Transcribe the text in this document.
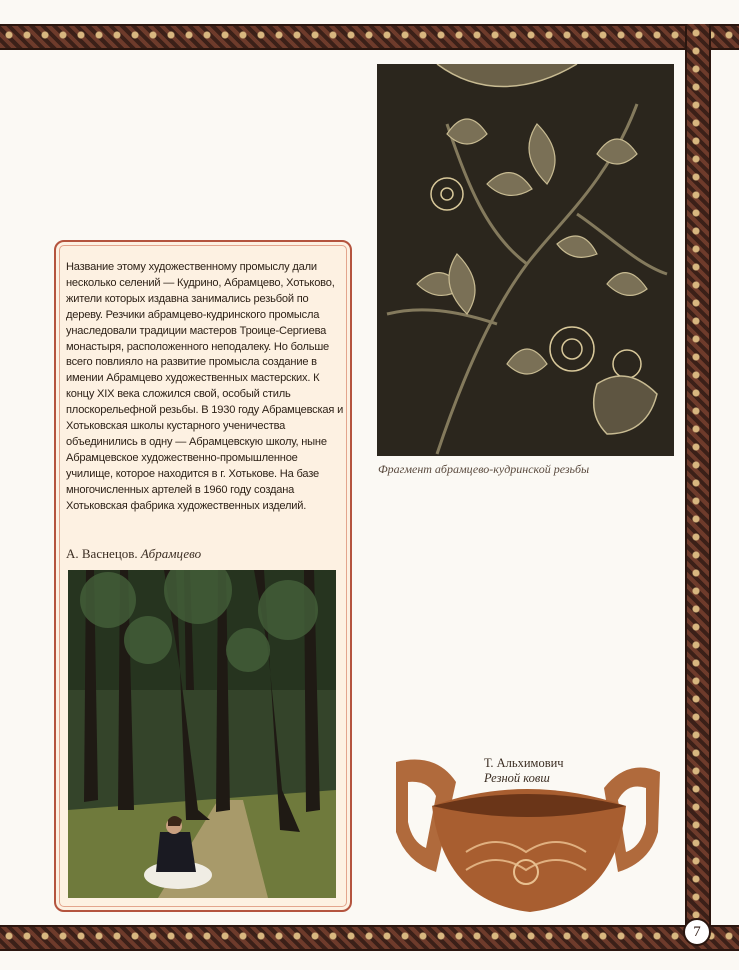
Название этому художественному промыслу дали несколько селений — Кудрино, Абрамцево, Хотьково, жители которых издавна занимались резьбой по дереву. Резчики абрамцево-кудринского промысла унаследовали традиции мастеров Троице-Сергиева монастыря, расположенного неподалеку. Но больше всего повлияло на развитие промысла создание в имении Абрамцево художественных мастерских. К концу XIX века сложился свой, особый стиль плоскорельефной резьбы. В 1930 году Абрамцевская и Хотьковская школы кустарного ученичества объединились в одну — Абрамцевскую школу, ныне Абрамцевское художественно-промышленное училище, которое находится в г. Хотькове. На базе многочисленных артелей в 1960 году создана Хотьковская фабрика художественных изделий.

А. Васнецов. Абрамцево
Фрагмент абрамцево-кудринской резьбы
Т. Альхимович
Резной ковш
7
